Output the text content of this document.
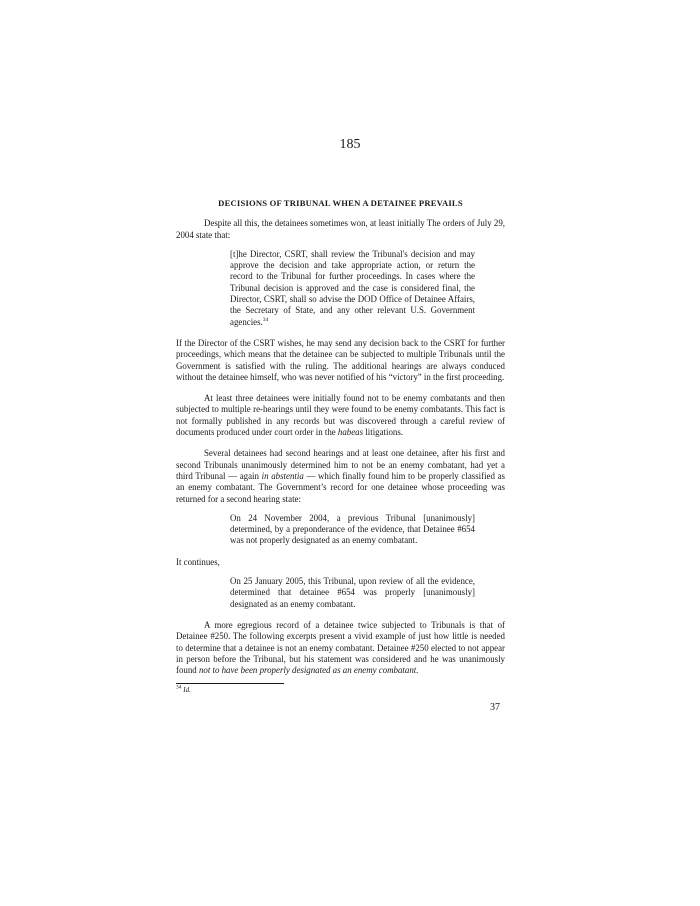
185
DECISIONS OF TRIBUNAL WHEN A DETAINEE PREVAILS

Despite all this, the detainees sometimes won, at least initially The orders of July 29, 2004 state that:

[t]he Director, CSRT, shall review the Tribunal's decision and may approve the decision and take appropriate action, or return the record to the Tribunal for further proceedings. In cases where the Tribunal decision is approved and the case is considered final, the Director, CSRT, shall so advise the DOD Office of Detainee Affairs, the Secretary of State, and any other relevant U.S. Government agencies.$^{34}$

If the Director of the CSRT wishes, he may send any decision back to the CSRT for further proceedings, which means that the detainee can be subjected to multiple Tribunals until the Government is satisfied with the ruling. The additional hearings are always conduced without the detainee himself, who was never notified of his “victory” in the first proceeding.

At least three detainees were initially found not to be enemy combatants and then subjected to multiple re-hearings until they were found to be enemy combatants. This fact is not formally published in any records but was discovered through a careful review of documents produced under court order in the habeas litigations.

Several detainees had second hearings and at least one detainee, after his first and second Tribunals unanimously determined him to not be an enemy combatant, had yet a third Tribunal — again in abstentia — which finally found him to be properly classified as an enemy combatant. The Government’s record for one detainee whose proceeding was returned for a second hearing state:

On 24 November 2004, a previous Tribunal [unanimously] determined, by a preponderance of the evidence, that Detainee #654 was not properly designated as an enemy combatant.

It continues,

On 25 January 2005, this Tribunal, upon review of all the evidence, determined that detainee #654 was properly [unanimously] designated as an enemy combatant.

A more egregious record of a detainee twice subjected to Tribunals is that of Detainee #250. The following excerpts present a vivid example of just how little is needed to determine that a detainee is not an enemy combatant. Detainee #250 elected to not appear in person before the Tribunal, but his statement was considered and he was unanimously found not to have been properly designated as an enemy combatant.

$^{34}$ Id.
37
